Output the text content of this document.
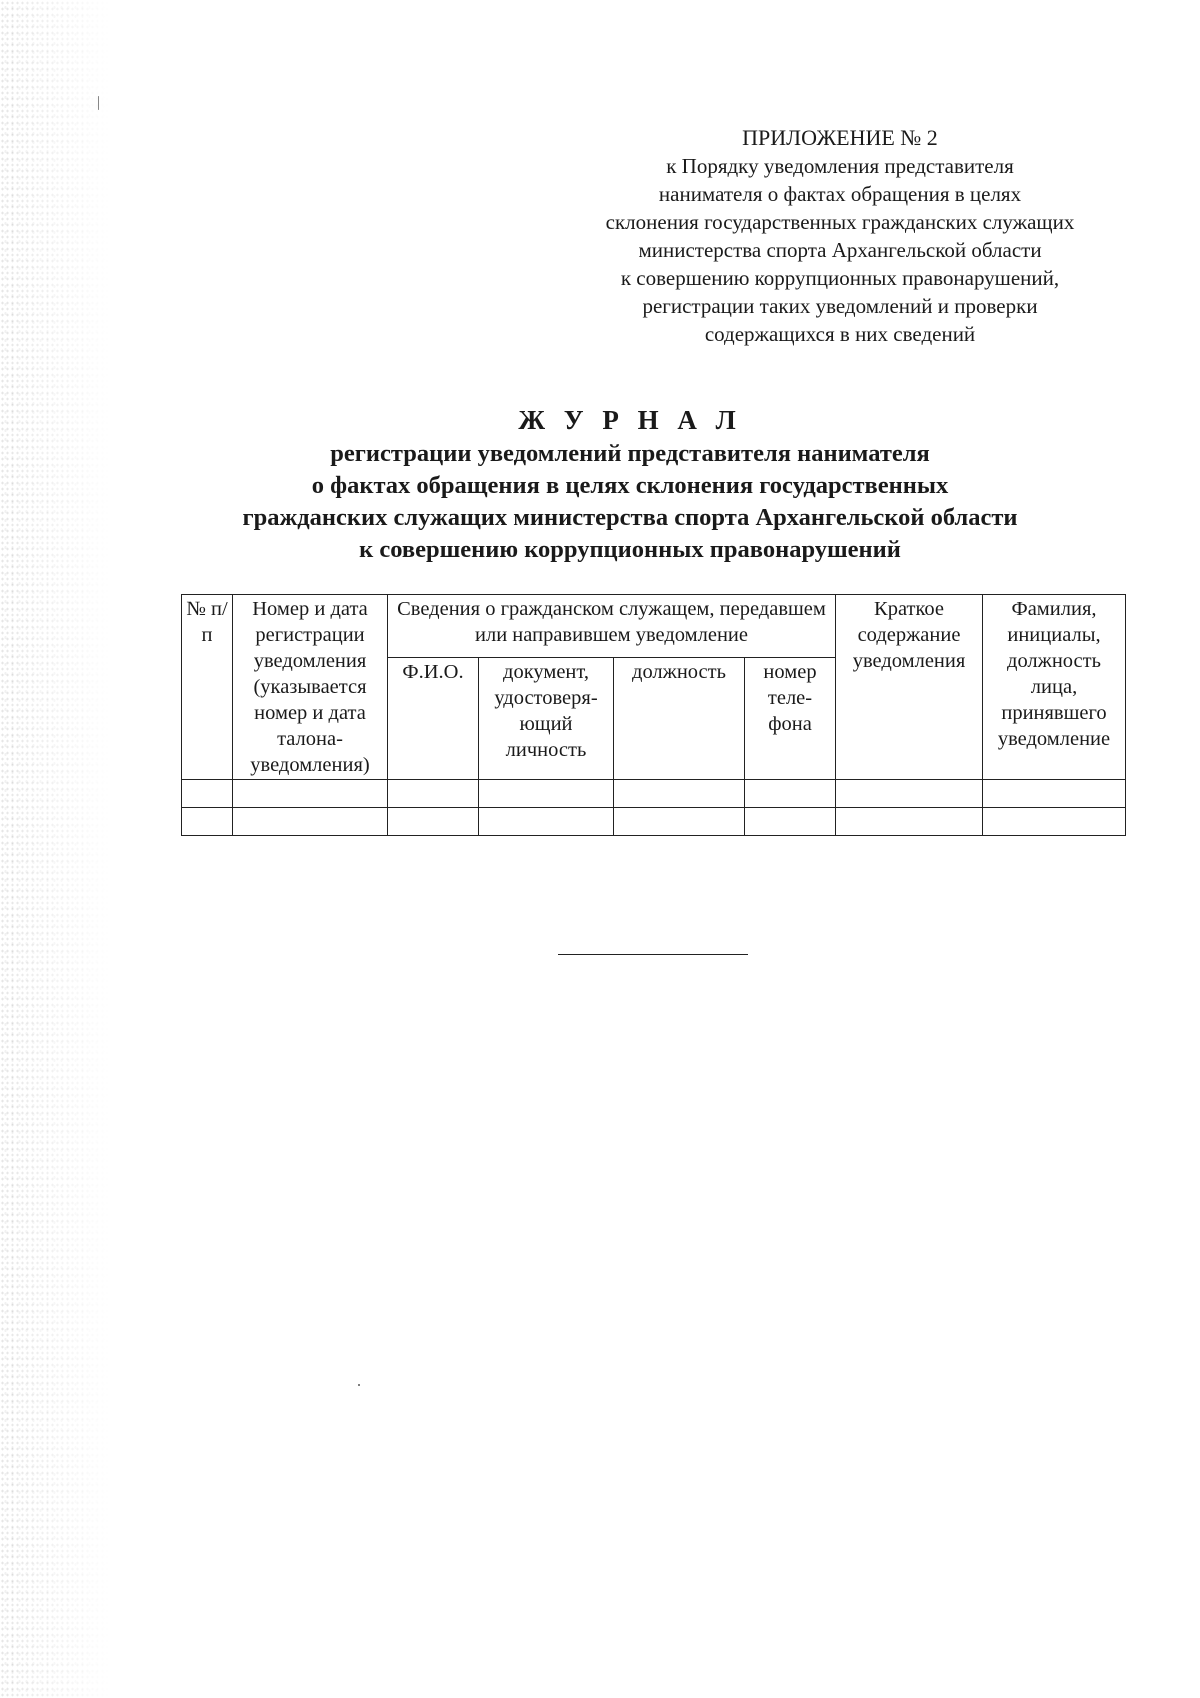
ПРИЛОЖЕНИЕ № 2
к Порядку уведомления представителя
нанимателя о фактах обращения в целях
склонения государственных гражданских служащих
министерства спорта Архангельской области
к совершению коррупционных правонарушений,
регистрации таких уведомлений и проверки
содержащихся в них сведений
Ж У Р Н А Л
регистрации уведомлений представителя нанимателя
о фактах обращения в целях склонения государственных
гражданских служащих министерства спорта Архангельской области
к совершению коррупционных правонарушений
№ п/п	Номер и дата регистрации уведомления (указывается номер и дата талона-уведомления)	Сведения о гражданском служащем, передавшем или направившем уведомление				Краткое содержание уведомления	Фамилия, инициалы, должность лица, принявшего уведомление
		Ф.И.О.	документ, удостоверя-ющий личность	должность	номер теле-фона		
